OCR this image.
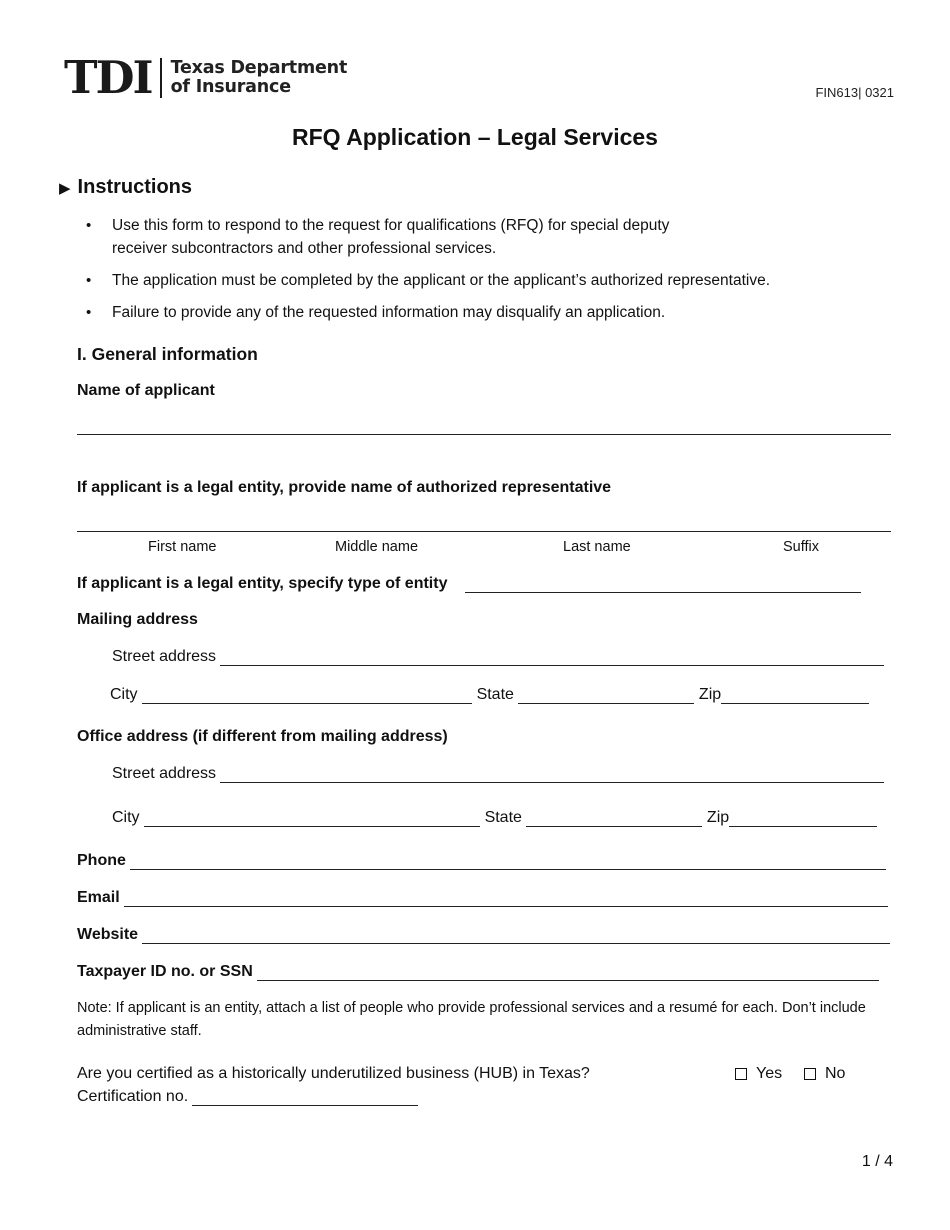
TDI Texas Department
of Insurance	FIN613| 0321
RFQ Application – Legal Services
▶ Instructions
• Use this form to respond to the request for qualifications (RFQ) for special deputy receiver subcontractors and other professional services.
• The application must be completed by the applicant or the applicant’s authorized representative.
• Failure to provide any of the requested information may disqualify an application.
I. General information
Name of applicant
If applicant is a legal entity, provide name of authorized representative
First name	Middle name	Last name	Suffix
If applicant is a legal entity, specify type of entity
Mailing address
Street address
City	State	Zip
Office address (if different from mailing address)
Street address
City	State	Zip
Phone
Email
Website
Taxpayer ID no. or SSN
Note: If applicant is an entity, attach a list of people who provide professional services and a resumé for each. Don’t include administrative staff.
Are you certified as a historically underutilized business (HUB) in Texas?	Yes	No
Certification no.
1 / 4
